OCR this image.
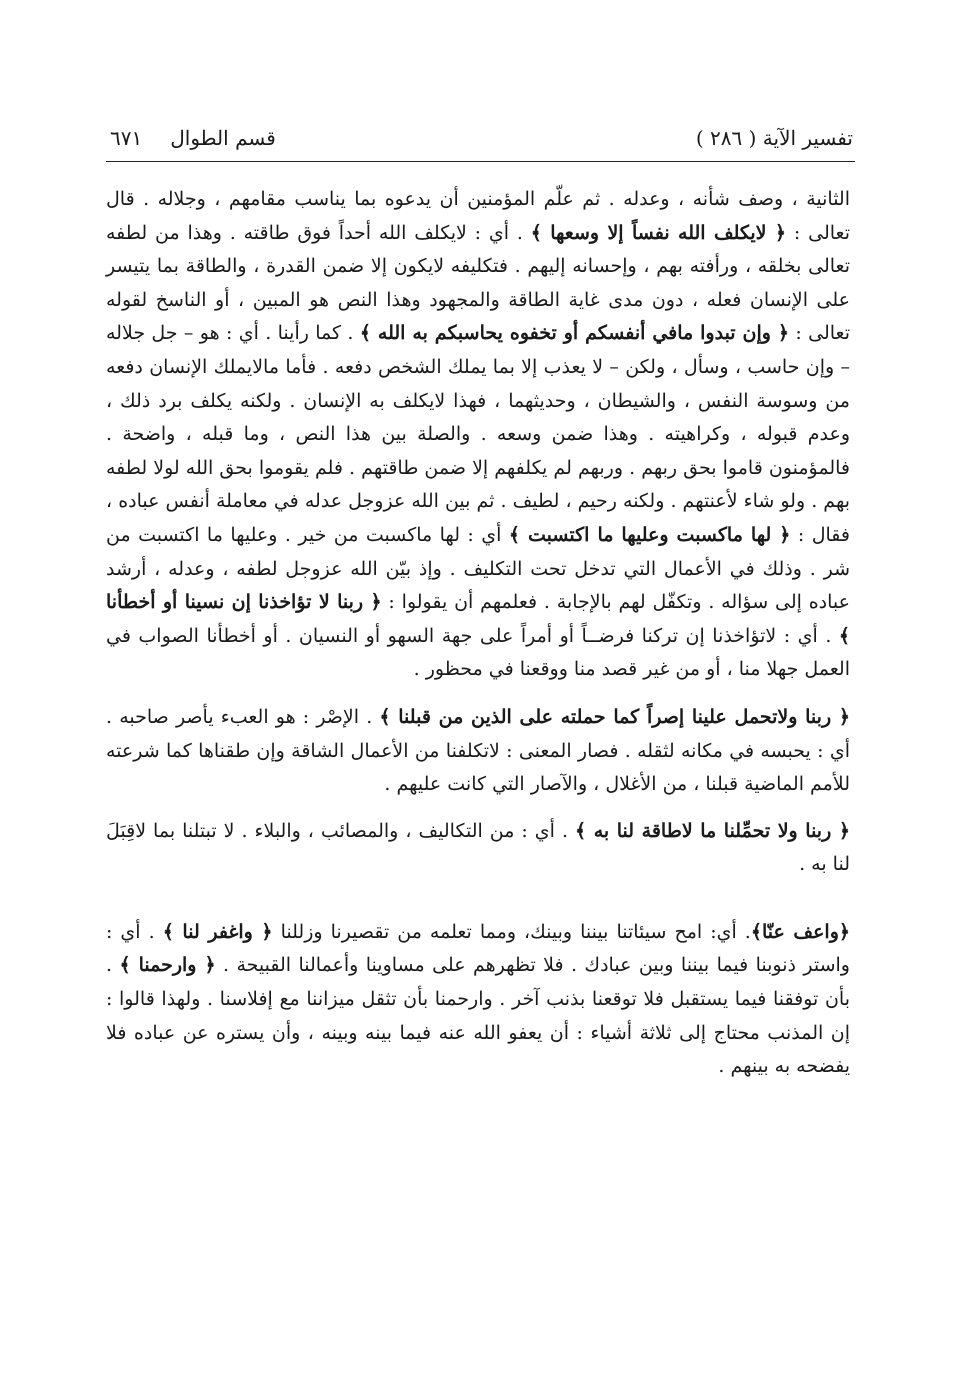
تفسير الآية ( ٢٨٦ )
قسم الطوال
٦٧١

الثانية ، وصف شأنه ، وعدله . ثم علّم المؤمنين أن يدعوه بما يناسب مقامهم ، وجلاله . قال تعالى : ﴿ لايكلف الله نفساً إلا وسعها ﴾ . أي : لايكلف الله أحداً فوق طاقته . وهذا من لطفه تعالى بخلقه ، ورأفته بهم ، وإحسانه إليهم . فتكليفه لايكون إلا ضمن القدرة ، والطاقة بما يتيسر على الإنسان فعله ، دون مدى غاية الطاقة والمجهود وهذا النص هو المبين ، أو الناسخ لقوله تعالى : ﴿ وإن تبدوا مافي أنفسكم أو تخفوه يحاسبكم به الله ﴾ . كما رأينا . أي : هو – جل جلاله – وإن حاسب ، وسأل ، ولكن – لا يعذب إلا بما يملك الشخص دفعه . فأما مالايملك الإنسان دفعه من وسوسة النفس ، والشيطان ، وحديثهما ، فهذا لايكلف به الإنسان . ولكنه يكلف برد ذلك ، وعدم قبوله ، وكراهيته . وهذا ضمن وسعه . والصلة بين هذا النص ، وما قبله ، واضحة . فالمؤمنون قاموا بحق ربهم . وربهم لم يكلفهم إلا ضمن طاقتهم . فلم يقوموا بحق الله لولا لطفه بهم . ولو شاء لأعنتهم . ولكنه رحيم ، لطيف . ثم بين الله عزوجل عدله في معاملة أنفس عباده ، فقال : ﴿ لها ماكسبت وعليها ما اكتسبت ﴾ أي : لها ماكسبت من خير . وعليها ما اكتسبت من شر . وذلك في الأعمال التي تدخل تحت التكليف . وإذ بيّن الله عزوجل لطفه ، وعدله ، أرشد عباده إلى سؤاله . وتكفّل لهم بالإجابة . فعلمهم أن يقولوا : ﴿ ربنا لا تؤاخذنا إن نسينا أو أخطأنا ﴾ . أي : لاتؤاخذنا إن تركنا فرضــاً أو أمراً على جهة السهو أو النسيان . أو أخطأنا الصواب في العمل جهلا منا ، أو من غير قصد منا ووقعنا في محظور .

﴿ ربنا ولاتحمل علينا إصراً كما حملته على الذين من قبلنا ﴾ . الإصْر : هو العبء يأصر صاحبه . أي : يحبسه في مكانه لثقله . فصار المعنى : لاتكلفنا من الأعمال الشاقة وإن طقناها كما شرعته للأمم الماضية قبلنا ، من الأغلال ، والآصار التي كانت عليهم .

﴿ ربنا ولا تحمِّلنا ما لاطاقة لنا به ﴾ . أي : من التكاليف ، والمصائب ، والبلاء . لا تبتلنا بما لاقِبَلَ لنا به .

﴿واعف عنّا﴾. أي: امح سيئاتنا بيننا وبينك، ومما تعلمه من تقصيرنا وزللنا ﴿ واغفر لنا ﴾ . أي : واستر ذنوبنا فيما بيننا وبين عبادك . فلا تظهرهم على مساوينا وأعمالنا القبيحة . ﴿ وارحمنا ﴾ . بأن توفقنا فيما يستقبل فلا توقعنا بذنب آخر . وارحمنا بأن تثقل ميزاننا مع إفلاسنا . ولهذا قالوا : إن المذنب محتاج إلى ثلاثة أشياء : أن يعفو الله عنه فيما بينه وبينه ، وأن يستره عن عباده فلا يفضحه به بينهم .
